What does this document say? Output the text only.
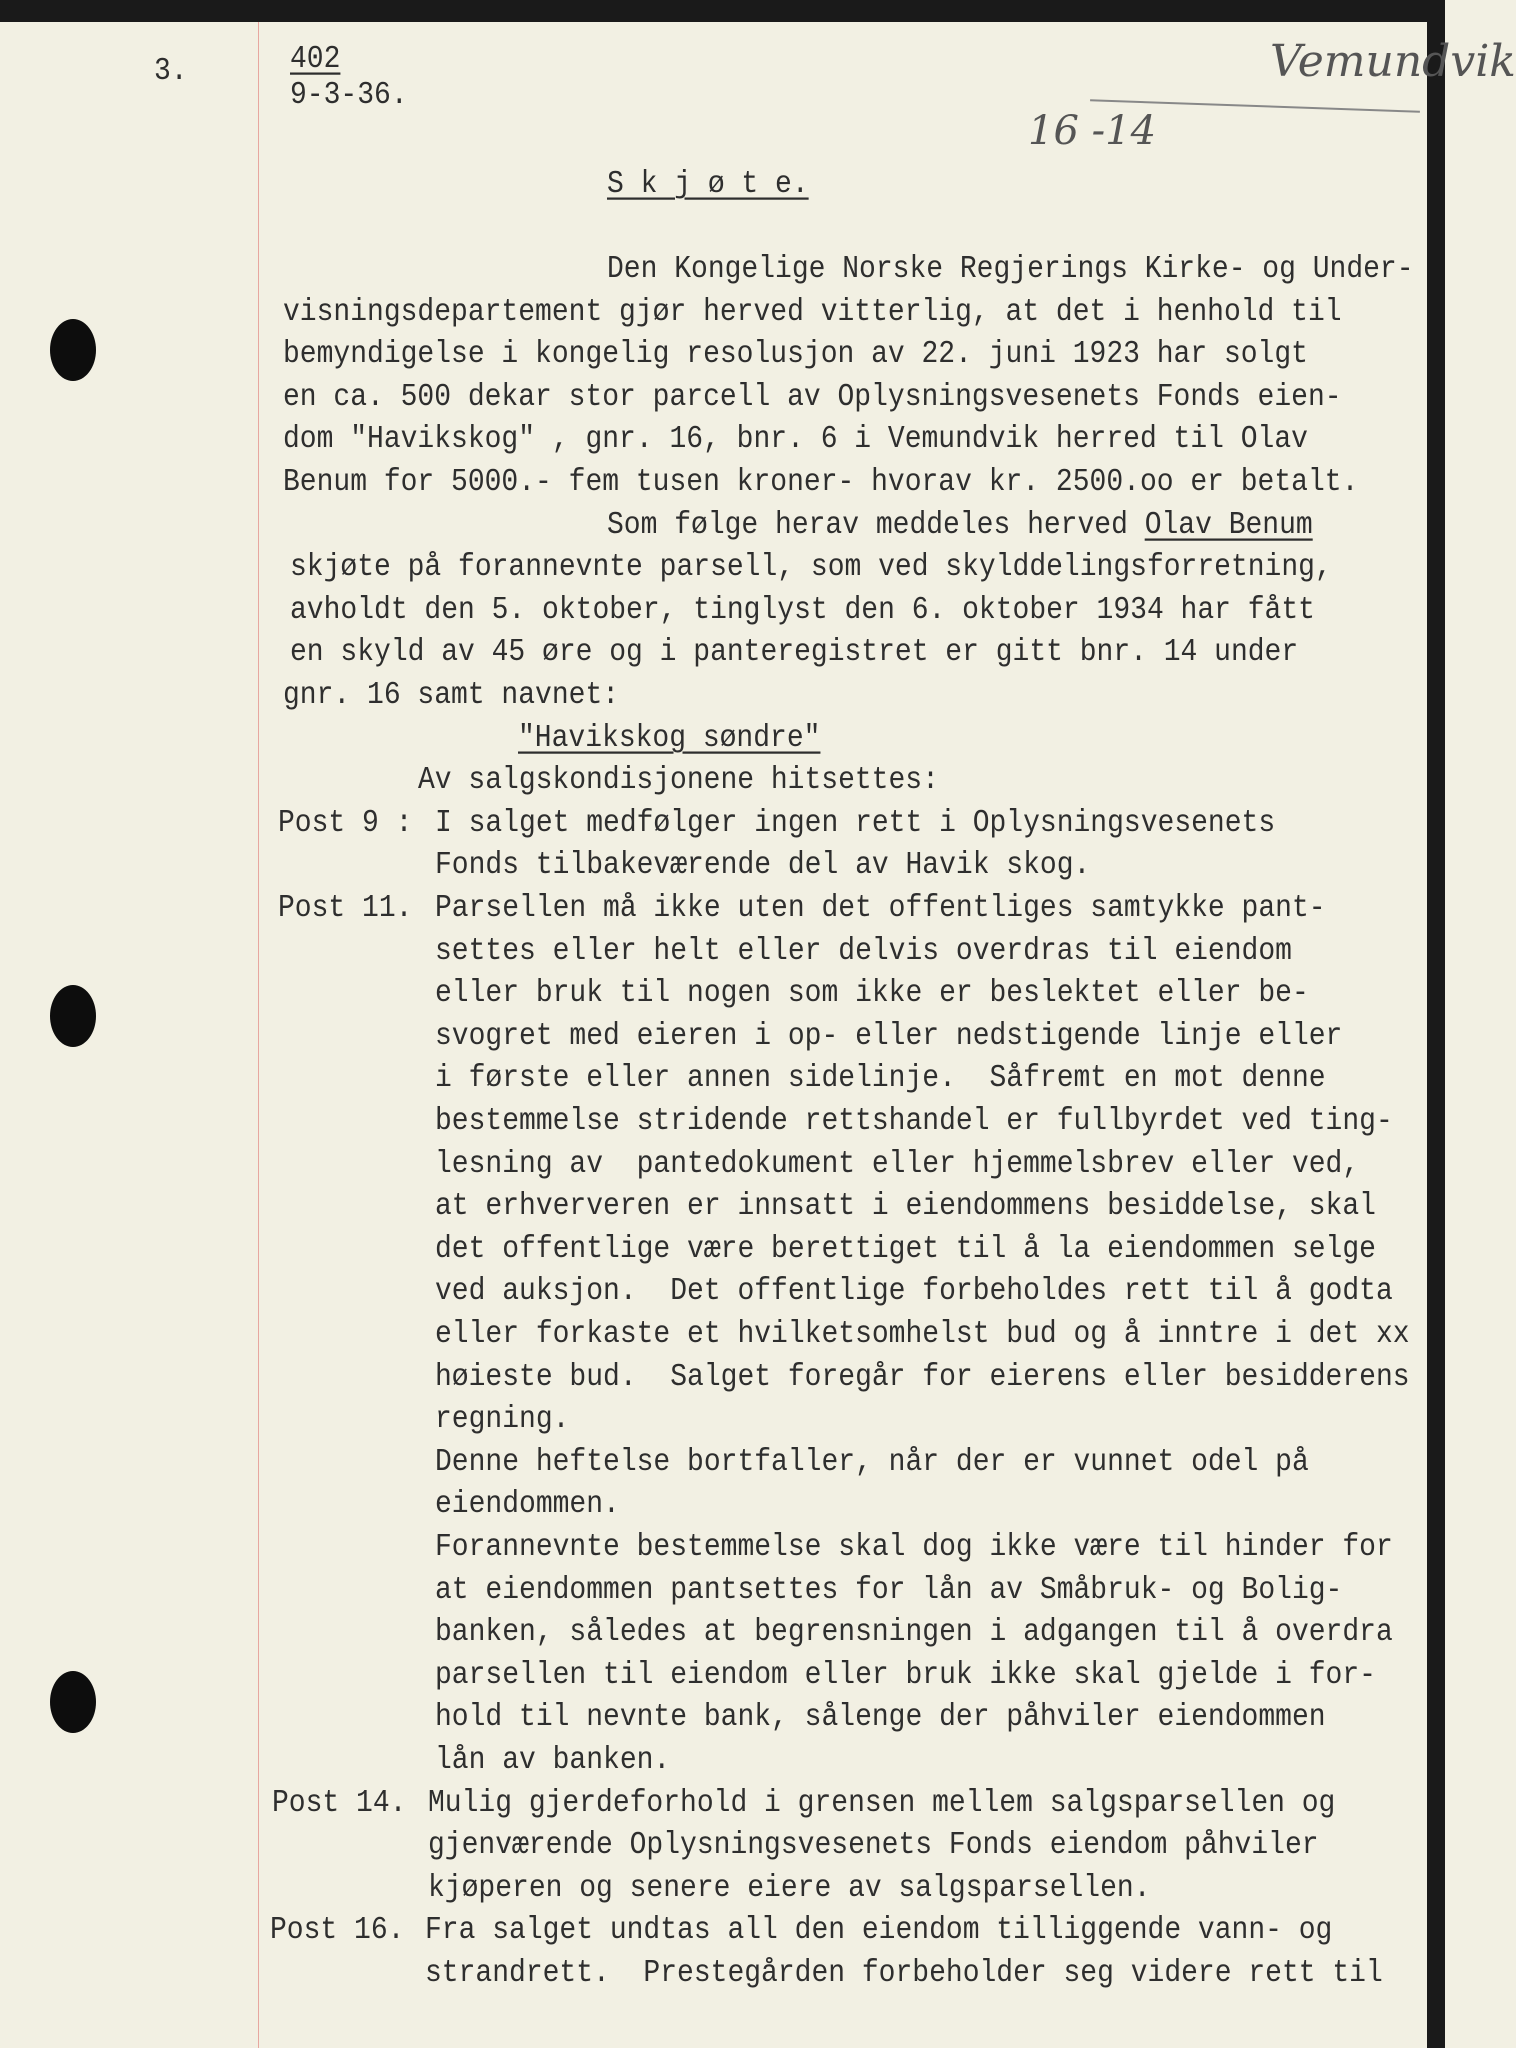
3.	402
9-3-36.
Vemundvik
16 -14
S k j ø t e.
Den Kongelige Norske Regjerings Kirke- og Under-
visningsdepartement gjør herved vitterlig, at det i henhold til
bemyndigelse i kongelig resolusjon av 22. juni 1923 har solgt
en ca. 500 dekar stor parcell av Oplysningsvesenets Fonds eien-
dom "Havikskog" , gnr. 16, bnr. 6 i Vemundvik herred til Olav
Benum for 5000.- fem tusen kroner- hvorav kr. 2500.oo er betalt.
Som følge herav meddeles herved Olav Benum
skjøte på forannevnte parsell, som ved skylddelingsforretning,
avholdt den 5. oktober, tinglyst den 6. oktober 1934 har fått
en skyld av 45 øre og i panteregistret er gitt bnr. 14 under
gnr. 16 samt navnet:
"Havikskog søndre"
Av salgskondisjonene hitsettes:
Post 9 : I salget medfølger ingen rett i Oplysningsvesenets
Fonds tilbakeværende del av Havik skog.
Post 11. Parsellen må ikke uten det offentliges samtykke pant-
settes eller helt eller delvis overdras til eiendom
eller bruk til nogen som ikke er beslektet eller be-
svogret med eieren i op- eller nedstigende linje eller
i første eller annen sidelinje.  Såfremt en mot denne
bestemmelse stridende rettshandel er fullbyrdet ved ting-
lesning av  pantedokument eller hjemmelsbrev eller ved,
at erhververen er innsatt i eiendommens besiddelse, skal
det offentlige være berettiget til å la eiendommen selge
ved auksjon.  Det offentlige forbeholdes rett til å godta
eller forkaste et hvilketsomhelst bud og å inntre i det xx
høieste bud.  Salget foregår for eierens eller besidderens
regning.
Denne heftelse bortfaller, når der er vunnet odel på
eiendommen.
Forannevnte bestemmelse skal dog ikke være til hinder for
at eiendommen pantsettes for lån av Småbruk- og Bolig-
banken, således at begrensningen i adgangen til å overdra
parsellen til eiendom eller bruk ikke skal gjelde i for-
hold til nevnte bank, sålenge der påhviler eiendommen
lån av banken.
Post 14. Mulig gjerdeforhold i grensen mellem salgsparsellen og
gjenværende Oplysningsvesenets Fonds eiendom påhviler
kjøperen og senere eiere av salgsparsellen.
Post 16. Fra salget undtas all den eiendom tilliggende vann- og
strandrett.  Prestegården forbeholder seg videre rett til
